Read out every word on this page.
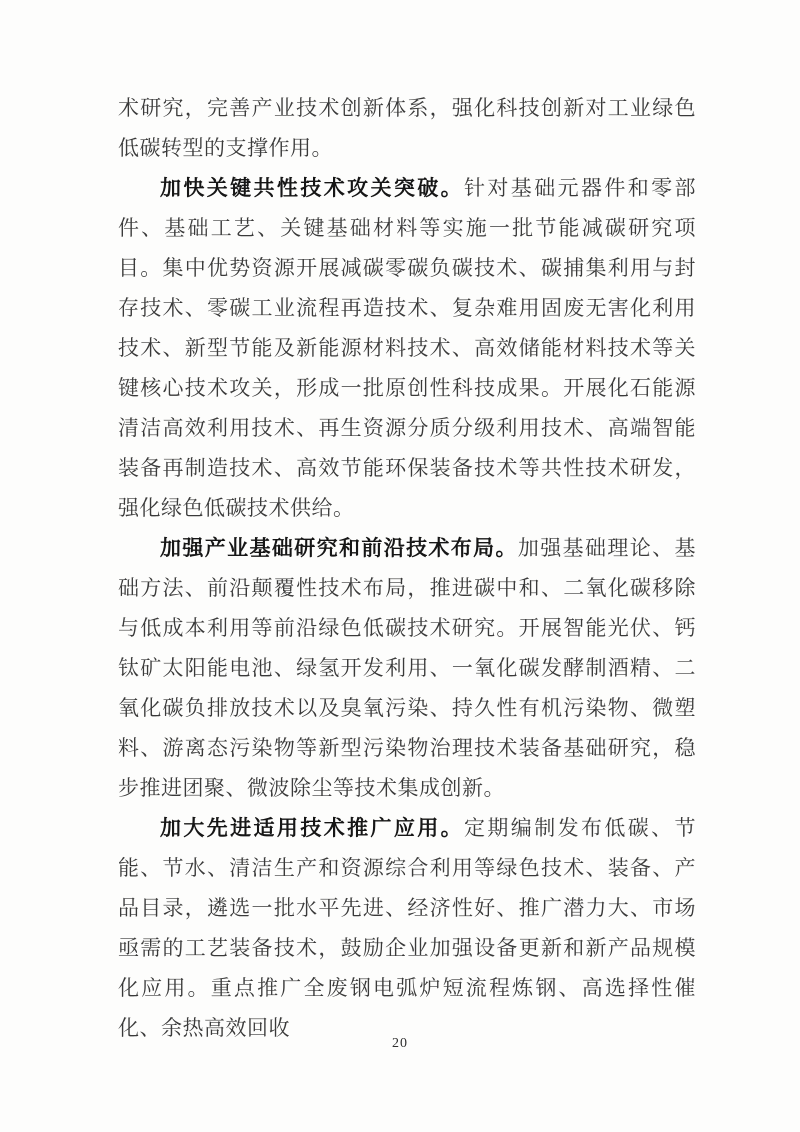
术研究，完善产业技术创新体系，强化科技创新对工业绿色低碳转型的支撑作用。

加快关键共性技术攻关突破。针对基础元器件和零部件、基础工艺、关键基础材料等实施一批节能减碳研究项目。集中优势资源开展减碳零碳负碳技术、碳捕集利用与封存技术、零碳工业流程再造技术、复杂难用固废无害化利用技术、新型节能及新能源材料技术、高效储能材料技术等关键核心技术攻关，形成一批原创性科技成果。开展化石能源清洁高效利用技术、再生资源分质分级利用技术、高端智能装备再制造技术、高效节能环保装备技术等共性技术研发，强化绿色低碳技术供给。

加强产业基础研究和前沿技术布局。加强基础理论、基础方法、前沿颠覆性技术布局，推进碳中和、二氧化碳移除与低成本利用等前沿绿色低碳技术研究。开展智能光伏、钙钛矿太阳能电池、绿氢开发利用、一氧化碳发酵制酒精、二氧化碳负排放技术以及臭氧污染、持久性有机污染物、微塑料、游离态污染物等新型污染物治理技术装备基础研究，稳步推进团聚、微波除尘等技术集成创新。

加大先进适用技术推广应用。定期编制发布低碳、节能、节水、清洁生产和资源综合利用等绿色技术、装备、产品目录，遴选一批水平先进、经济性好、推广潜力大、市场亟需的工艺装备技术，鼓励企业加强设备更新和新产品规模化应用。重点推广全废钢电弧炉短流程炼钢、高选择性催化、余热高效回收

20
